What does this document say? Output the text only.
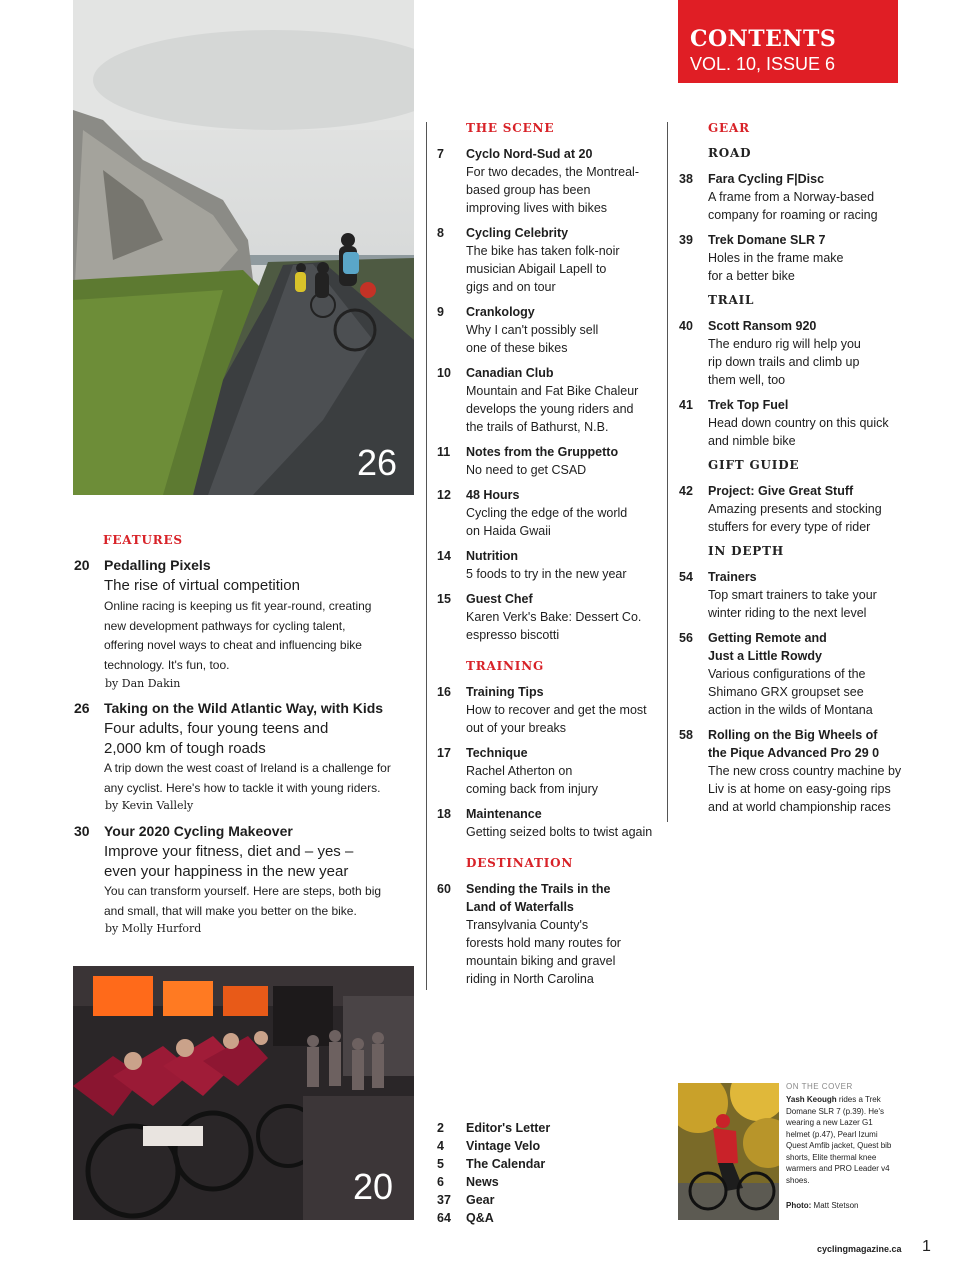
CONTENTS
VOL. 10, ISSUE 6
26
20
FEATURES
20 Pedalling Pixels
The rise of virtual competition
Online racing is keeping us fit year-round, creating
new development pathways for cycling talent,
offering novel ways to cheat and influencing bike
technology. It's fun, too.
by Dan Dakin
26 Taking on the Wild Atlantic Way, with Kids
Four adults, four young teens and
2,000 km of tough roads
A trip down the west coast of Ireland is a challenge for
any cyclist. Here's how to tackle it with young riders.
by Kevin Vallely
30 Your 2020 Cycling Makeover
Improve your fitness, diet and – yes –
even your happiness in the new year
You can transform yourself. Here are steps, both big
and small, that will make you better on the bike.
by Molly Hurford
THE SCENE
7	Cyclo Nord-Sud at 20
For two decades, the Montreal-
based group has been
improving lives with bikes
8	Cycling Celebrity
The bike has taken folk-noir
musician Abigail Lapell to
gigs and on tour
9	Crankology
Why I can't possibly sell
one of these bikes
10	Canadian Club
Mountain and Fat Bike Chaleur
develops the young riders and
the trails of Bathurst, N.B.
11	Notes from the Gruppetto
No need to get CSAD
12	48 Hours
Cycling the edge of the world
on Haida Gwaii
14	Nutrition
5 foods to try in the new year
15	Guest Chef
Karen Verk's Bake: Dessert Co.
espresso biscotti
TRAINING
16	Training Tips
How to recover and get the most
out of your breaks
17	Technique
Rachel Atherton on
coming back from injury
18	Maintenance
Getting seized bolts to twist again
DESTINATION
60	Sending the Trails in the
Land of Waterfalls
Transylvania County's
forests hold many routes for
mountain biking and gravel
riding in North Carolina
GEAR
ROAD
38	Fara Cycling F|Disc
A frame from a Norway-based
company for roaming or racing
39	Trek Domane SLR 7
Holes in the frame make
for a better bike
TRAIL
40	Scott Ransom 920
The enduro rig will help you
rip down trails and climb up
them well, too
41	Trek Top Fuel
Head down country on this quick
and nimble bike
GIFT GUIDE
42	Project: Give Great Stuff
Amazing presents and stocking
stuffers for every type of rider
IN DEPTH
54	Trainers
Top smart trainers to take your
winter riding to the next level
56	Getting Remote and
Just a Little Rowdy
Various configurations of the
Shimano GRX groupset see
action in the wilds of Montana
58	Rolling on the Big Wheels of
the Pique Advanced Pro 29 0
The new cross country machine by
Liv is at home on easy-going rips
and at world championship races
2 Editor's Letter
4 Vintage Velo
5 The Calendar
6 News
37 Gear
64 Q&A
ON THE COVER
Yash Keough rides a Trek Domane SLR 7 (p.39). He's wearing a new Lazer G1 helmet (p.47), Pearl Izumi Quest Amfib jacket, Quest bib shorts, Elite thermal knee warmers and PRO Leader v4 shoes.
Photo: Matt Stetson
cyclingmagazine.ca 1
